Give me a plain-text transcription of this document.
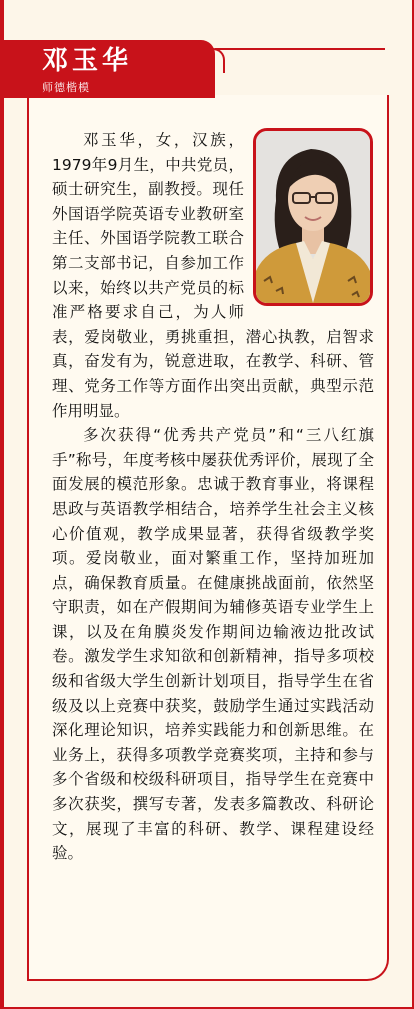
邓玉华
师德楷模

邓玉华，女，汉族，1979年9月生，中共党员，硕士研究生，副教授。现任外国语学院英语专业教研室主任、外国语学院教工联合第二支部书记，自参加工作以来，始终以共产党员的标准严格要求自己，为人师表，爱岗敬业，勇挑重担，潜心执教，启智求真，奋发有为，锐意进取，在教学、科研、管理、党务工作等方面作出突出贡献，典型示范作用明显。

多次获得“优秀共产党员”和“三八红旗手”称号，年度考核中屡获优秀评价，展现了全面发展的模范形象。忠诚于教育事业，将课程思政与英语教学相结合，培养学生社会主义核心价值观，教学成果显著，获得省级教学奖项。爱岗敬业，面对繁重工作，坚持加班加点，确保教育质量。在健康挑战面前，依然坚守职责，如在产假期间为辅修英语专业学生上课，以及在角膜炎发作期间边输液边批改试卷。激发学生求知欲和创新精神，指导多项校级和省级大学生创新计划项目，指导学生在省级及以上竞赛中获奖，鼓励学生通过实践活动深化理论知识，培养实践能力和创新思维。在业务上，获得多项教学竞赛奖项，主持和参与多个省级和校级科研项目，指导学生在竞赛中多次获奖，撰写专著，发表多篇教改、科研论文，展现了丰富的科研、教学、课程建设经验。
